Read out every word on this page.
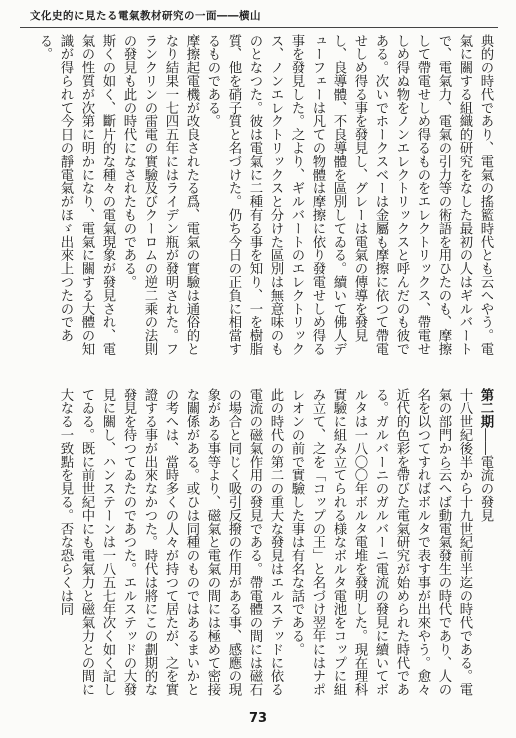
文化史的に見たる電氣教材研究の一面――横山

典的の時代であり、電氣の搖籃時代とも云へやう。電氣に關する組織的研究をなした最初の人はギルバートで、電氣力、電氣の引力等の術語を用ひたのも、摩擦して帶電せしめ得るものをエレクトリックス、帶電せしめ得ぬ物をノンエレクトリックスと呼んだのも彼である。次いでホークスベーは金屬も摩擦に依つて帶電せしめ得る事を發見し、グレーは電氣の傳導を發見し、良導體、不良導體を區別してゐる。續いて佛人デューフェーは凡ての物體は摩擦に依り發電せしめ得る事を發見した。之より、ギルバートのエレクトリックス、ノンエレクトリックスと分けた區別は無意味のものとなつた。彼は電氣に二種有る事を知り、一を樹脂質、他を硝子質と名づけた。仍ち今日の正負に相當するものである。

摩擦起電機が改良されたる爲、電氣の實驗は通俗的となり結果一七四五年にはライデン瓶が發明された。フランクリンの雷電の實驗及びクーロムの逆二乘の法則の發見も此の時代になされたものである。

斯くの如く、斷片的な種々の電氣現象が發見され、電氣の性質が次第に明かになり、電氣に關する大體の知識が得られて今日の靜電氣がほゞ出來上つたのである。

第二期――電流の發見

十八世紀後半から十九世紀前半迄の時代である。電氣の部門から云へば動電氣發生の時代であり、人の名を以つてすればボルタで表す事が出來やう。愈々近代的色彩を帶びた電氣研究が始められた時代である。ガルバーニのガルバーニ電流の發見に續いてボルタは一八〇〇年ボルタ電堆を發明した。現在理科實驗に組み立てられる様なボルタ電池をコップに組み立て、之を「コップの王」と名づけ翌年にはナポレオンの前で實驗した事は有名な話である。

此の時代の第二の重大な發見はエルステッドに依る電流の磁氣作用の發見である。帶電體の間には磁石の場合と同じく吸引反撥の作用がある事、感應の現象がある事等より、磁氣と電氣の間には極めて密接な關係がある。或ひは同種のものではあるまいかとの考へは、當時多くの人々が持つて居たが、之を實證する事が出來なかつた。時代は將にこの劃期的な發見を待つてゐたのであつた。エルステッドの大發見に關し、ハンステーンは一八五七年次く如く記してゐる。既に前世紀中にも電氣力と磁氣力との間に大なる一致點を見る。否な恐らくは同

73
